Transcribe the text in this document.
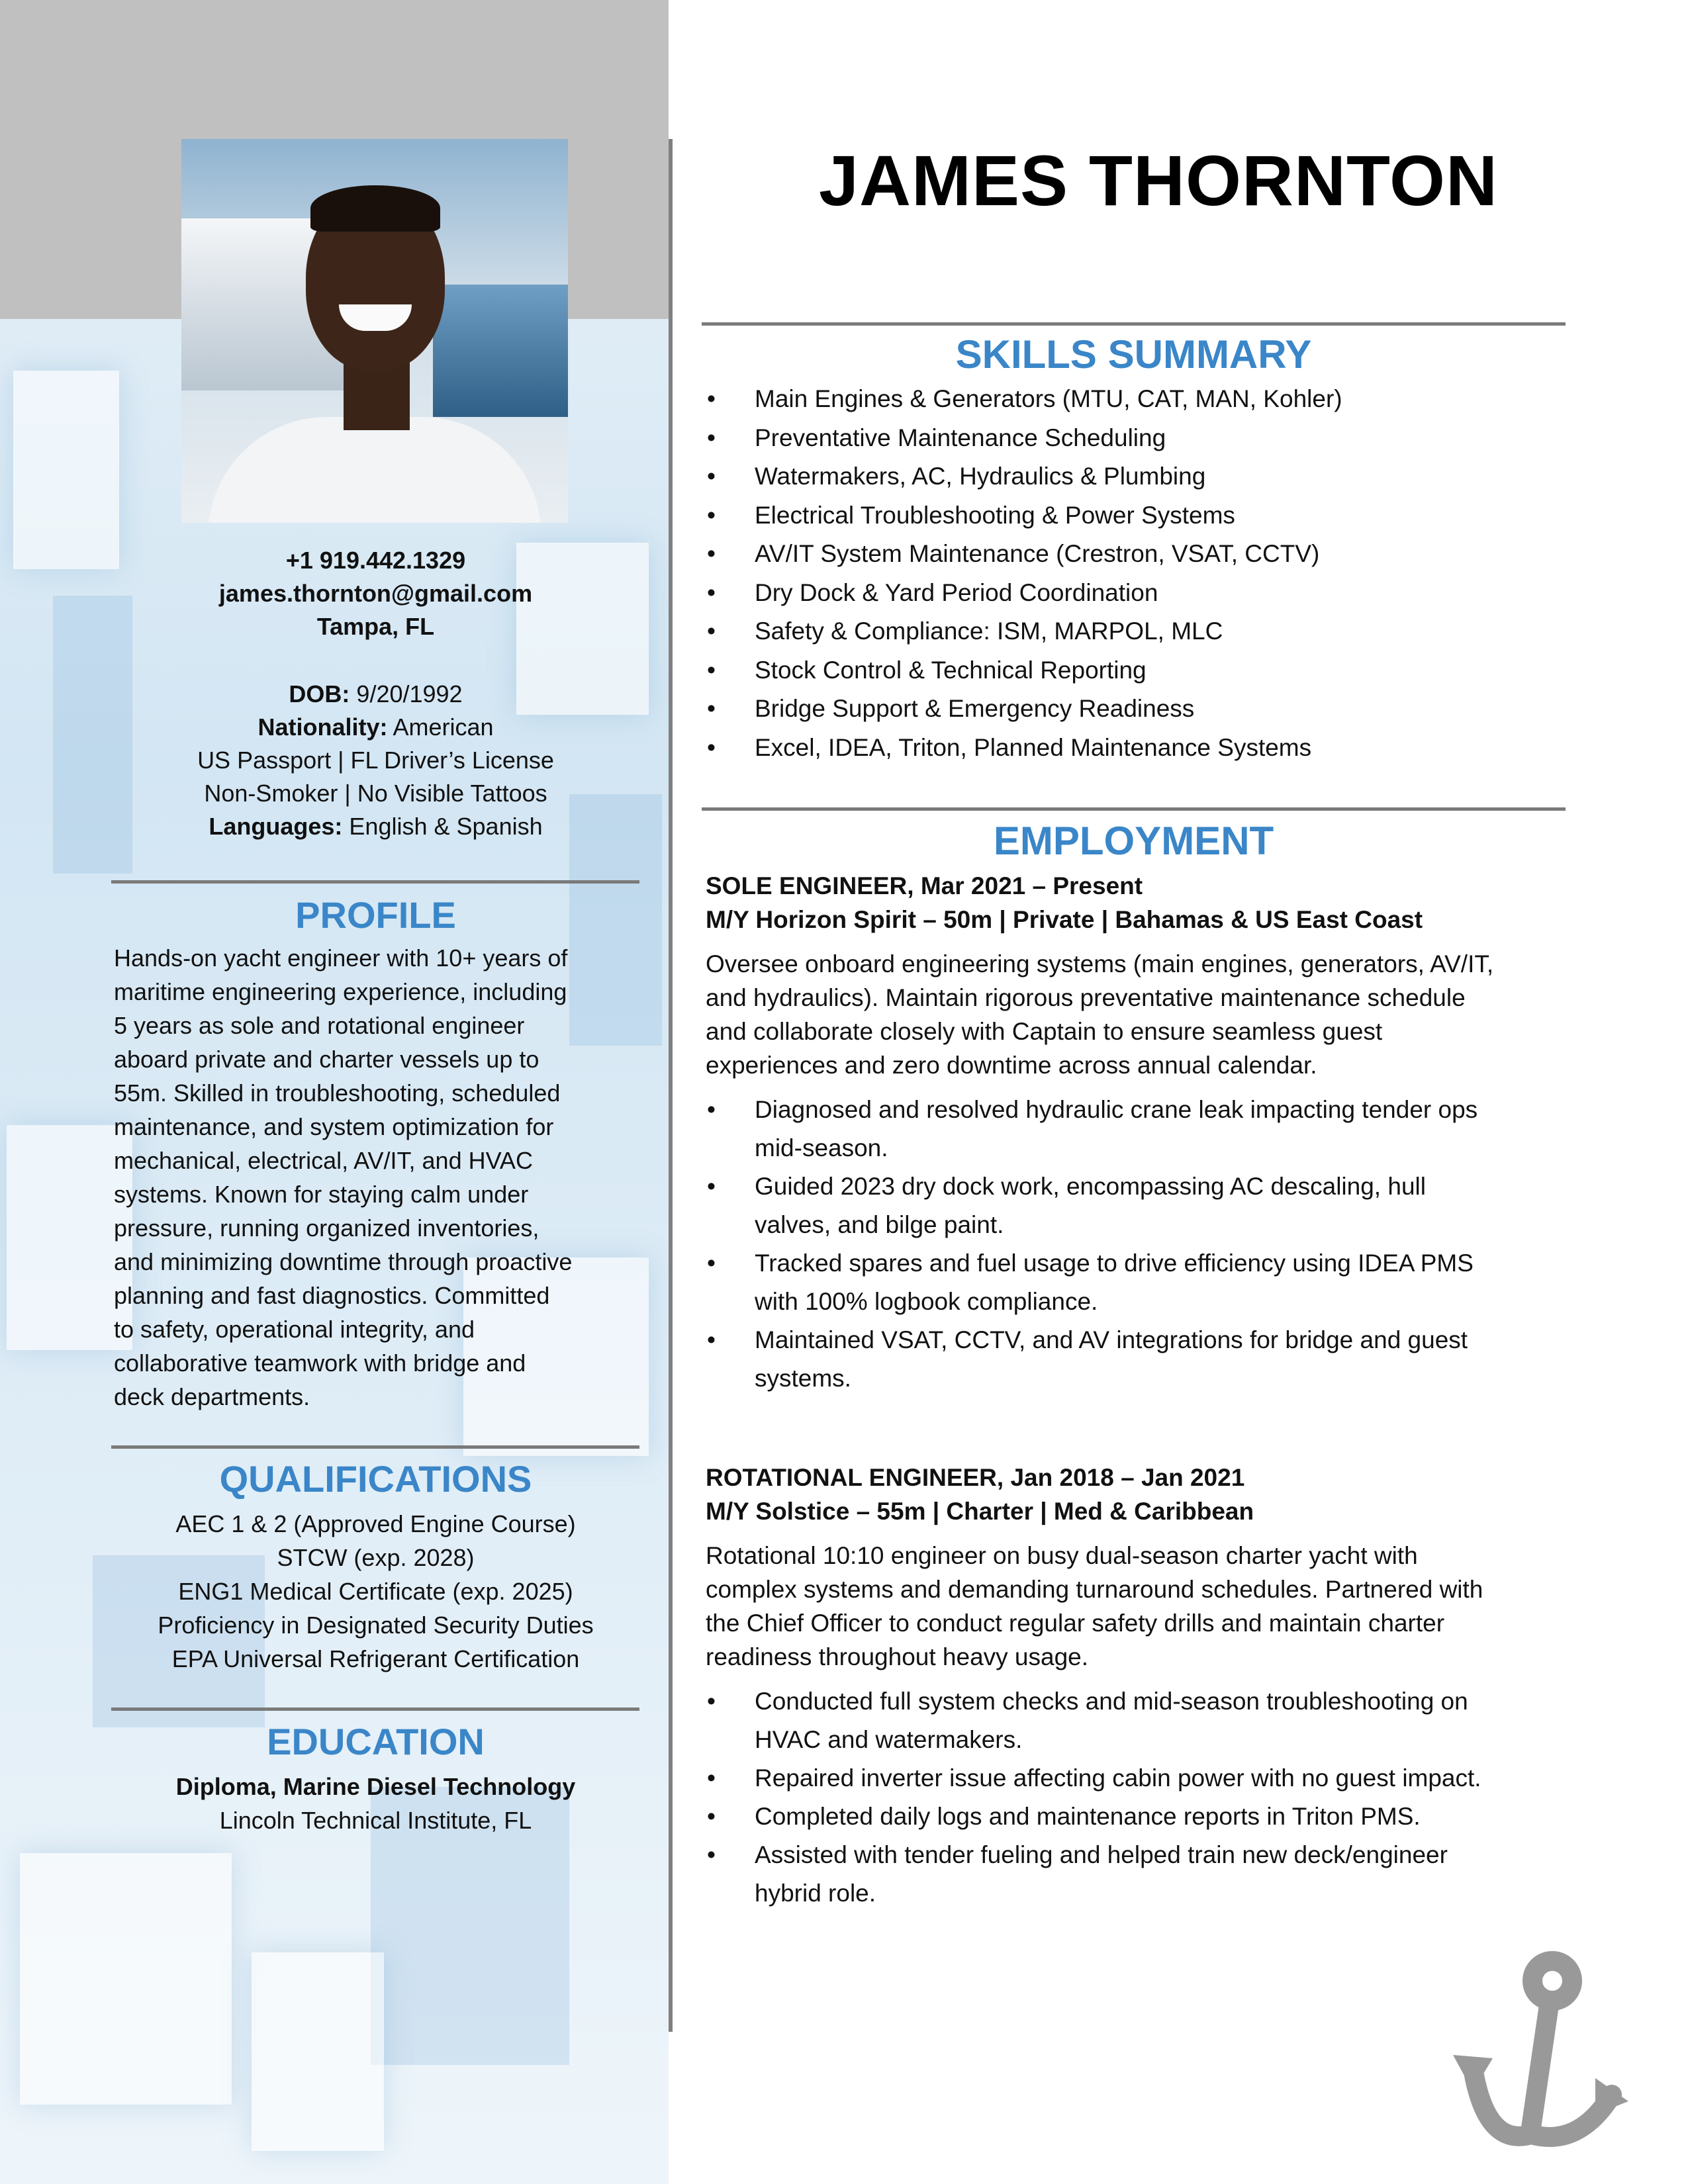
+1 919.442.1329
james.thornton@gmail.com
Tampa, FL
DOB: 9/20/1992
Nationality: American
US Passport | FL Driver’s License
Non-Smoker | No Visible Tattoos
Languages: English & Spanish
PROFILE
Hands-on yacht engineer with 10+ years of
maritime engineering experience, including
5 years as sole and rotational engineer
aboard private and charter vessels up to
55m. Skilled in troubleshooting, scheduled
maintenance, and system optimization for
mechanical, electrical, AV/IT, and HVAC
systems. Known for staying calm under
pressure, running organized inventories,
and minimizing downtime through proactive
planning and fast diagnostics. Committed
to safety, operational integrity, and
collaborative teamwork with bridge and
deck departments.
QUALIFICATIONS
AEC 1 & 2 (Approved Engine Course)
STCW (exp. 2028)
ENG1 Medical Certificate (exp. 2025)
Proficiency in Designated Security Duties
EPA Universal Refrigerant Certification
EDUCATION
Diploma, Marine Diesel Technology
Lincoln Technical Institute, FL
JAMES THORNTON
SKILLS SUMMARY
• Main Engines & Generators (MTU, CAT, MAN, Kohler)
• Preventative Maintenance Scheduling
• Watermakers, AC, Hydraulics & Plumbing
• Electrical Troubleshooting & Power Systems
• AV/IT System Maintenance (Crestron, VSAT, CCTV)
• Dry Dock & Yard Period Coordination
• Safety & Compliance: ISM, MARPOL, MLC
• Stock Control & Technical Reporting
• Bridge Support & Emergency Readiness
• Excel, IDEA, Triton, Planned Maintenance Systems
EMPLOYMENT
SOLE ENGINEER, Mar 2021 – Present
M/Y Horizon Spirit – 50m | Private | Bahamas & US East Coast
Oversee onboard engineering systems (main engines, generators, AV/IT,
and hydraulics). Maintain rigorous preventative maintenance schedule
and collaborate closely with Captain to ensure seamless guest
experiences and zero downtime across annual calendar.
• Diagnosed and resolved hydraulic crane leak impacting tender ops
mid-season.
• Guided 2023 dry dock work, encompassing AC descaling, hull
valves, and bilge paint.
• Tracked spares and fuel usage to drive efficiency using IDEA PMS
with 100% logbook compliance.
• Maintained VSAT, CCTV, and AV integrations for bridge and guest
systems.
ROTATIONAL ENGINEER, Jan 2018 – Jan 2021
M/Y Solstice – 55m | Charter | Med & Caribbean
Rotational 10:10 engineer on busy dual-season charter yacht with
complex systems and demanding turnaround schedules. Partnered with
the Chief Officer to conduct regular safety drills and maintain charter
readiness throughout heavy usage.
• Conducted full system checks and mid-season troubleshooting on
HVAC and watermakers.
• Repaired inverter issue affecting cabin power with no guest impact.
• Completed daily logs and maintenance reports in Triton PMS.
• Assisted with tender fueling and helped train new deck/engineer
hybrid role.
